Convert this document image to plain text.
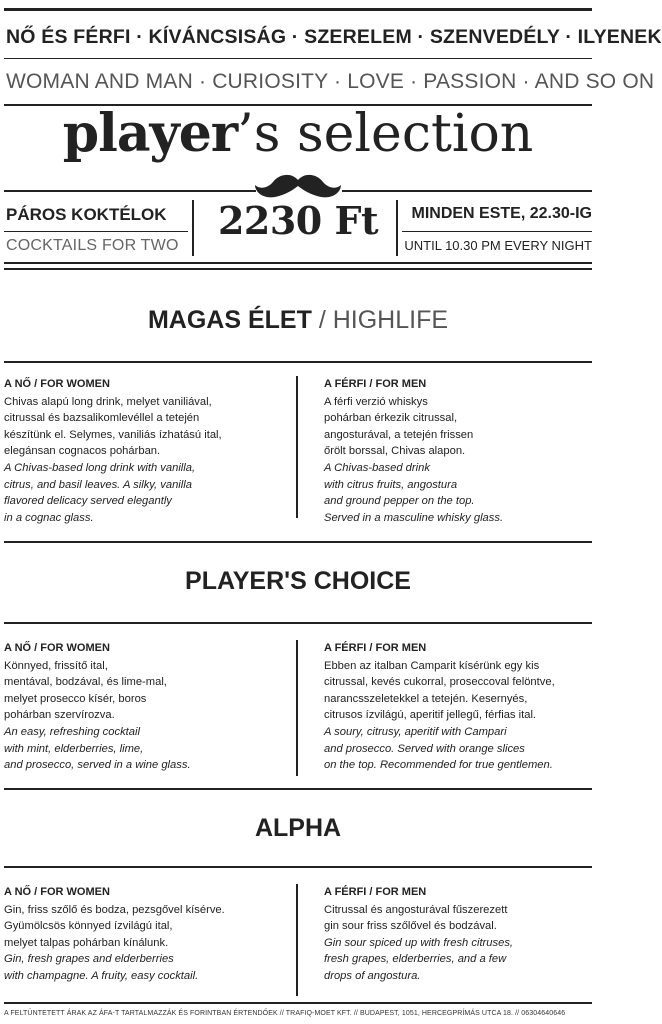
NŐ ÉS FÉRFI · KÍVÁNCSISÁG · SZERELEM · SZENVEDÉLY · ILYENEK
WOMAN AND MAN · CURIOSITY · LOVE · PASSION · AND SO ON
player’s selection
PÁROS KOKTÉLOK
COCKTAILS FOR TWO
2230 Ft	MINDEN ESTE, 22.30-IG
UNTIL 10.30 PM EVERY NIGHT
MAGAS ÉLET / HIGHLIFE
A NŐ / FOR WOMEN
Chivas alapú long drink, melyet vaniliával,
citrussal és bazsalikomlevéllel a tetején
készítünk el. Selymes, vaniliás ízhatású ital,
elegánsan cognacos pohárban.
A Chivas-based long drink with vanilla,
citrus, and basil leaves. A silky, vanilla
flavored delicacy served elegantly
in a cognac glass.
A FÉRFI / FOR MEN
A férfi verzió whiskys
pohárban érkezik citrussal,
angosturával, a tetején frissen
őrölt borssal, Chivas alapon.
A Chivas-based drink
with citrus fruits, angostura
and ground pepper on the top.
Served in a masculine whisky glass.
PLAYER'S CHOICE
A NŐ / FOR WOMEN
Könnyed, frissítő ital,
mentával, bodzával, és lime-mal,
melyet prosecco kísér, boros
pohárban szervírozva.
An easy, refreshing cocktail
with mint, elderberries, lime,
and prosecco, served in a wine glass.
A FÉRFI / FOR MEN
Ebben az italban Camparit kísérünk egy kis
citrussal, kevés cukorral, proseccoval felöntve,
narancsszeletekkel a tetején. Kesernyés,
citrusos ízvilágú, aperitif jellegű, férfias ital.
A soury, citrusy, aperitif with Campari
and prosecco. Served with orange slices
on the top. Recommended for true gentlemen.
ALPHA
A NŐ / FOR WOMEN
Gin, friss szőlő és bodza, pezsgővel kísérve.
Gyümölcsös könnyed ízvilágú ital,
melyet talpas pohárban kínálunk.
Gin, fresh grapes and elderberries
with champagne. A fruity, easy cocktail.
A FÉRFI / FOR MEN
Citrussal és angosturával fűszerezett
gin sour friss szőlővel és bodzával.
Gin sour spiced up with fresh citruses,
fresh grapes, elderberries, and a few
drops of angostura.
A FELTÜNTETETT ÁRAK AZ ÁFA-T TARTALMAZZÁK ÉS FORINTBAN ÉRTENDŐEK // TRAFIQ-MOET KFT. // BUDAPEST, 1051, HERCEGPRÍMÁS UTCA 18. // 06304640646
